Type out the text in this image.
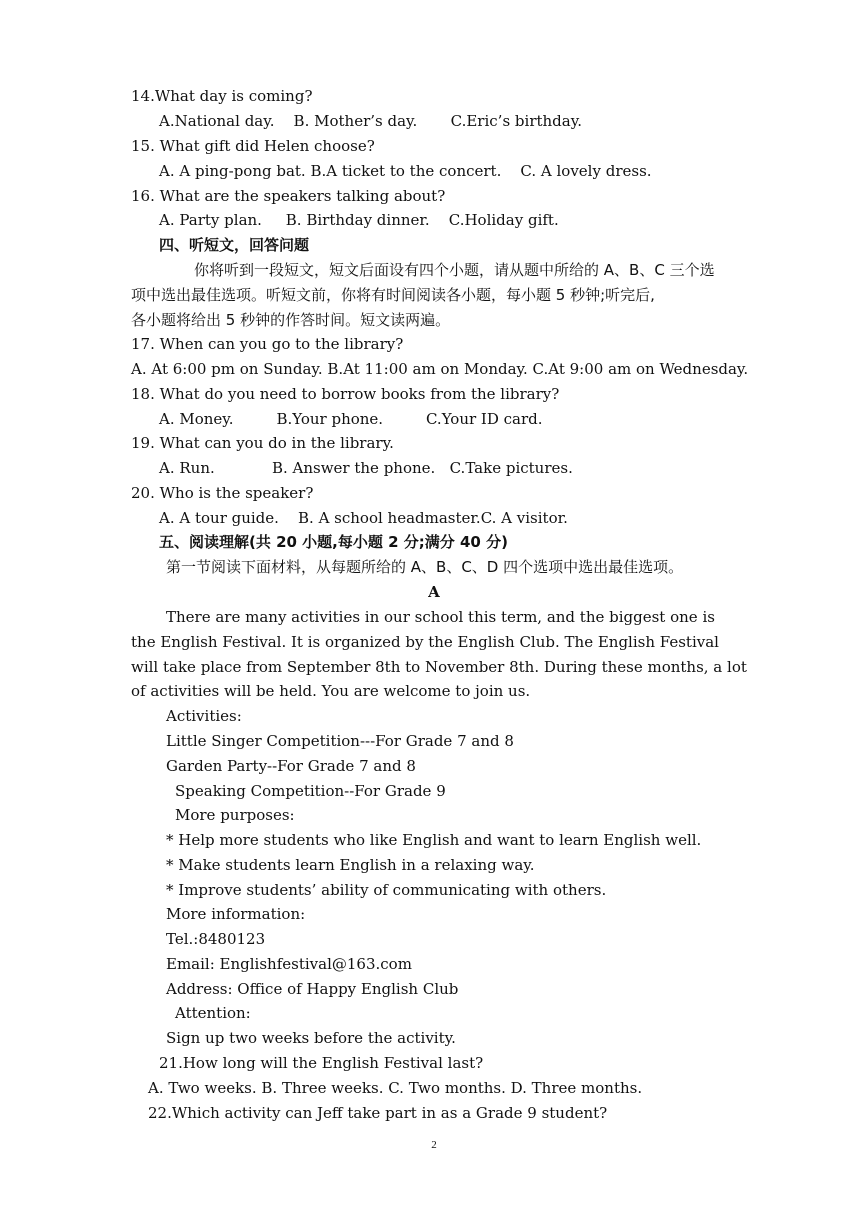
14.What day is coming?
A.National day.    B. Mother’s day.       C.Eric’s birthday.
15. What gift did Helen choose?
A. A ping-pong bat. B.A ticket to the concert.    C. A lovely dress.
16. What are the speakers talking about?
A. Party plan.     B. Birthday dinner.    C.Holiday gift.
四、听短文，回答问题
你将听到一段短文，短文后面设有四个小题，请从题中所给的 A、B、C 三个选
项中选出最佳选项。听短文前，你将有时间阅读各小题，每小题 5 秒钟;听完后,
各小题将给出 5 秒钟的作答时间。短文读两遍。
17. When can you go to the library?
A. At 6:00 pm on Sunday. B.At 11:00 am on Monday. C.At 9:00 am on Wednesday.
18. What do you need to borrow books from the library?
A. Money.         B.Your phone.         C.Your ID card.
19. What can you do in the library.
A. Run.            B. Answer the phone.   C.Take pictures.
20. Who is the speaker?
A. A tour guide.    B. A school headmaster.C. A visitor.
五、阅读理解(共 20 小题,每小题 2 分;满分 40 分)
第一节阅读下面材料，从每题所给的 A、B、C、D 四个选项中选出最佳选项。
A
There are many activities in our school this term, and the biggest one is
the English Festival. It is organized by the English Club. The English Festival
will take place from September 8th to November 8th. During these months, a lot
of activities will be held. You are welcome to join us.
Activities:
Little Singer Competition---For Grade 7 and 8
Garden Party--For Grade 7 and 8
Speaking Competition--For Grade 9
More purposes:
* Help more students who like English and want to learn English well.
* Make students learn English in a relaxing way.
* Improve students’ ability of communicating with others.
More information:
Tel.:8480123
Email: Englishfestival@163.com
Address: Office of Happy English Club
Attention:
Sign up two weeks before the activity.
21.How long will the English Festival last?
A. Two weeks. B. Three weeks. C. Two months. D. Three months.
22.Which activity can Jeff take part in as a Grade 9 student?
2
